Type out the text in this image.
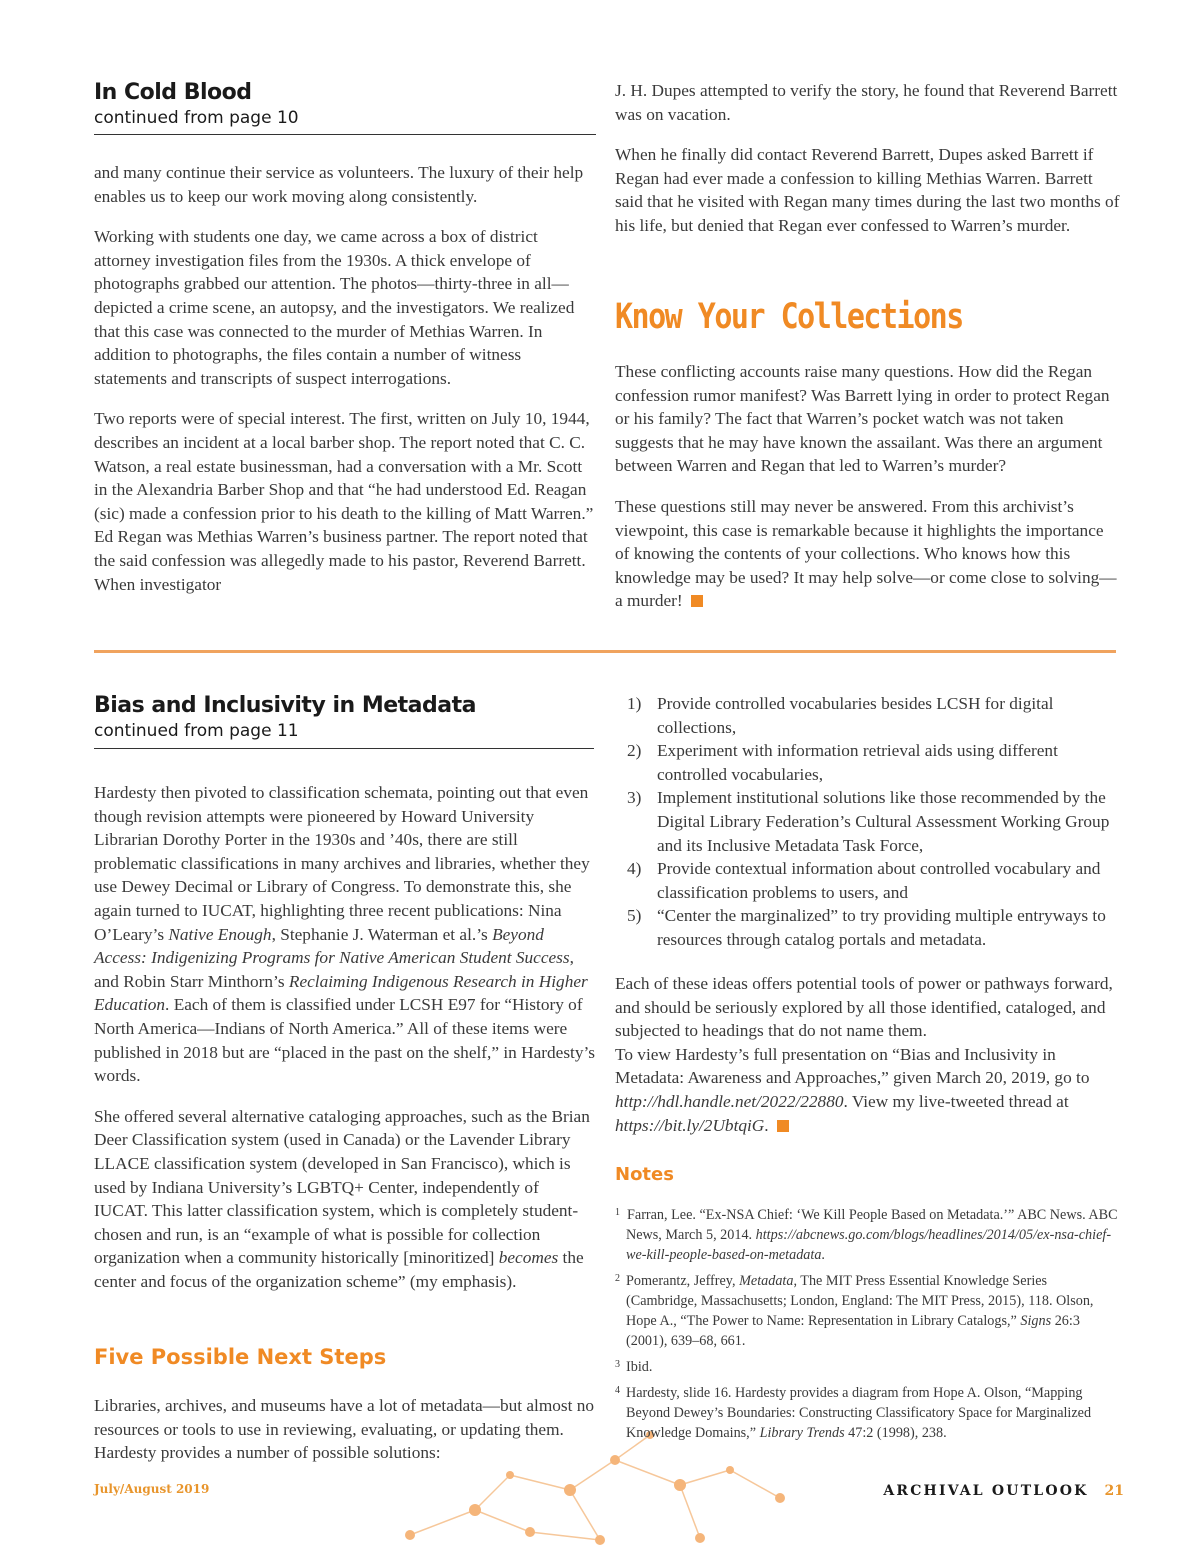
In Cold Blood
continued from page 10

and many continue their service as volunteers. The luxury of their help enables us to keep our work moving along consistently.

Working with students one day, we came across a box of district attorney investigation files from the 1930s. A thick envelope of photographs grabbed our attention. The photos—thirty-three in all—depicted a crime scene, an autopsy, and the investigators. We realized that this case was connected to the murder of Methias Warren. In addition to photographs, the files contain a number of witness statements and transcripts of suspect interrogations.

Two reports were of special interest. The first, written on July 10, 1944, describes an incident at a local barber shop. The report noted that C. C. Watson, a real estate businessman, had a conversation with a Mr. Scott in the Alexandria Barber Shop and that “he had understood Ed. Reagan (sic) made a confession prior to his death to the killing of Matt Warren.” Ed Regan was Methias Warren’s business partner. The report noted that the said confession was allegedly made to his pastor, Reverend Barrett. When investigator

J. H. Dupes attempted to verify the story, he found that Reverend Barrett was on vacation.

When he finally did contact Reverend Barrett, Dupes asked Barrett if Regan had ever made a confession to killing Methias Warren. Barrett said that he visited with Regan many times during the last two months of his life, but denied that Regan ever confessed to Warren’s murder.

Know Your Collections

These conflicting accounts raise many questions. How did the Regan confession rumor manifest? Was Barrett lying in order to protect Regan or his family? The fact that Warren’s pocket watch was not taken suggests that he may have known the assailant. Was there an argument between Warren and Regan that led to Warren’s murder?

These questions still may never be answered. From this archivist’s viewpoint, this case is remarkable because it highlights the importance of knowing the contents of your collections. Who knows how this knowledge may be used? It may help solve—or come close to solving—a murder!

Bias and Inclusivity in Metadata
continued from page 11

Hardesty then pivoted to classification schemata, pointing out that even though revision attempts were pioneered by Howard University Librarian Dorothy Porter in the 1930s and ’40s, there are still problematic classifications in many archives and libraries, whether they use Dewey Decimal or Library of Congress. To demonstrate this, she again turned to IUCAT, highlighting three recent publications: Nina O’Leary’s Native Enough, Stephanie J. Waterman et al.’s Beyond Access: Indigenizing Programs for Native American Student Success, and Robin Starr Minthorn’s Reclaiming Indigenous Research in Higher Education. Each of them is classified under LCSH E97 for “History of North America—Indians of North America.” All of these items were published in 2018 but are “placed in the past on the shelf,” in Hardesty’s words.

She offered several alternative cataloging approaches, such as the Brian Deer Classification system (used in Canada) or the Lavender Library LLACE classification system (developed in San Francisco), which is used by Indiana University’s LGBTQ+ Center, independently of IUCAT. This latter classification system, which is completely student-chosen and run, is an “example of what is possible for collection organization when a community historically [minoritized] becomes the center and focus of the organization scheme” (my emphasis).

Five Possible Next Steps
Libraries, archives, and museums have a lot of metadata—but almost no resources or tools to use in reviewing, evaluating, or updating them. Hardesty provides a number of possible solutions:
1) Provide controlled vocabularies besides LCSH for digital collections,
2) Experiment with information retrieval aids using different controlled vocabularies,
3) Implement institutional solutions like those recommended by the Digital Library Federation’s Cultural Assessment Working Group and its Inclusive Metadata Task Force,
4) Provide contextual information about controlled vocabulary and classification problems to users, and
5) “Center the marginalized” to try providing multiple entryways to resources through catalog portals and metadata.
Each of these ideas offers potential tools of power or pathways forward, and should be seriously explored by all those identified, cataloged, and subjected to headings that do not name them.
To view Hardesty’s full presentation on “Bias and Inclusivity in Metadata: Awareness and Approaches,” given March 20, 2019, go to http://hdl.handle.net/2022/22880. View my live-tweeted thread at https://bit.ly/2UbtqiG.
Notes
1 Farran, Lee. “Ex-NSA Chief: ‘We Kill People Based on Metadata.’” ABC News. ABC News, March 5, 2014. https://abcnews.go.com/blogs/headlines/2014/05/ex-nsa-chief-we-kill-people-based-on-metadata.
2 Pomerantz, Jeffrey, Metadata, The MIT Press Essential Knowledge Series (Cambridge, Massachusetts; London, England: The MIT Press, 2015), 118. Olson, Hope A., “The Power to Name: Representation in Library Catalogs,” Signs 26:3 (2001), 639–68, 661.
3 Ibid.
4 Hardesty, slide 16. Hardesty provides a diagram from Hope A. Olson, “Mapping Beyond Dewey’s Boundaries: Constructing Classificatory Space for Marginalized Knowledge Domains,” Library Trends 47:2 (1998), 238.
July/August 2019	ARCHIVAL OUTLOOK 21
